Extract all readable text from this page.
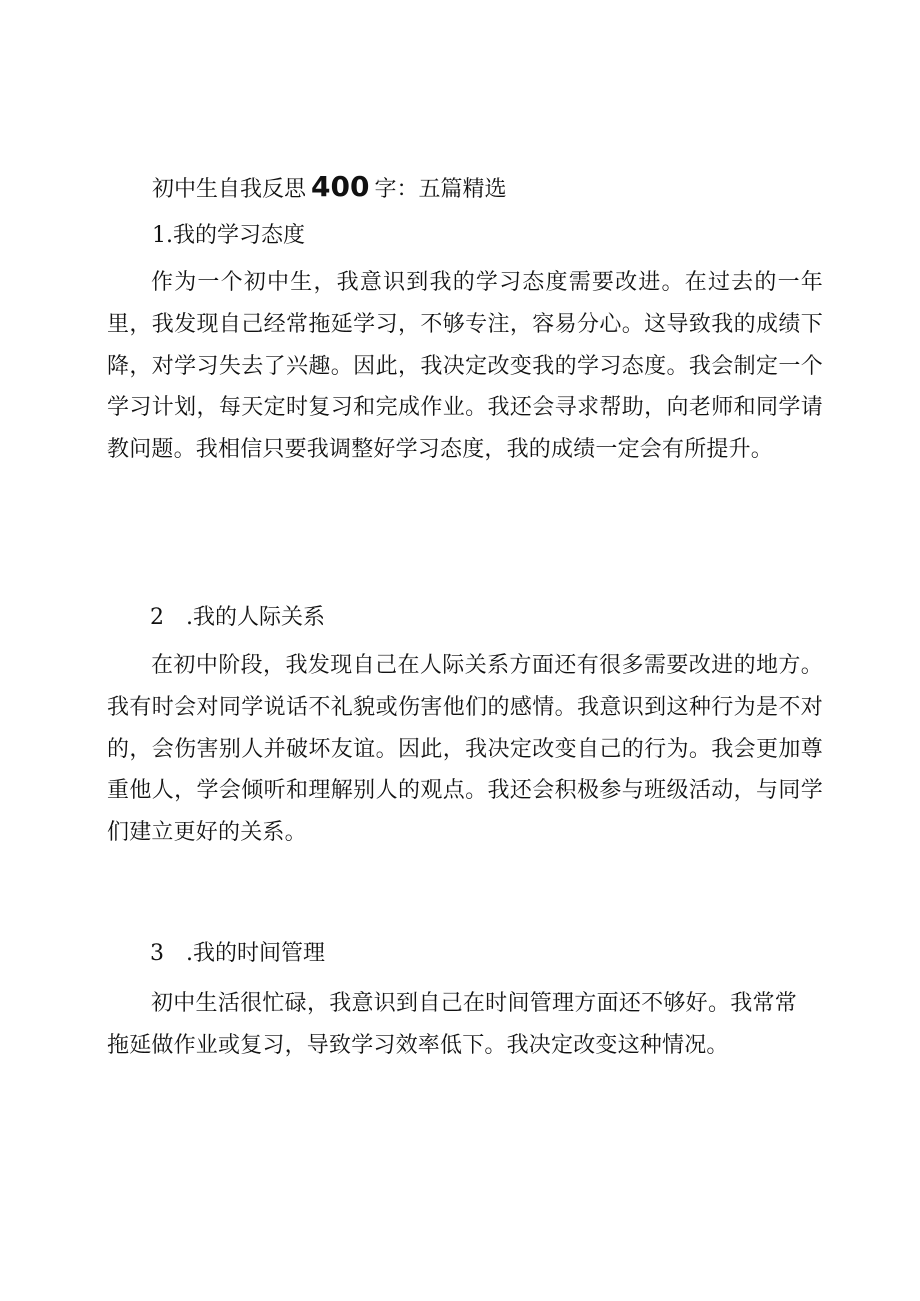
初中生自我反思 400 字：五篇精选
1.我的学习态度

作为一个初中生，我意识到我的学习态度需要改进。在过去的一年里，我发现自己经常拖延学习，不够专注，容易分心。这导致我的成绩下降，对学习失去了兴趣。因此，我决定改变我的学习态度。我会制定一个学习计划，每天定时复习和完成作业。我还会寻求帮助，向老师和同学请教问题。我相信只要我调整好学习态度，我的成绩一定会有所提升。

2　.我的人际关系

在初中阶段，我发现自己在人际关系方面还有很多需要改进的地方。我有时会对同学说话不礼貌或伤害他们的感情。我意识到这种行为是不对的，会伤害别人并破坏友谊。因此，我决定改变自己的行为。我会更加尊重他人，学会倾听和理解别人的观点。我还会积极参与班级活动，与同学们建立更好的关系。

3　.我的时间管理

初中生活很忙碌，我意识到自己在时间管理方面还不够好。我常常拖延做作业或复习，导致学习效率低下。我决定改变这种情况。
